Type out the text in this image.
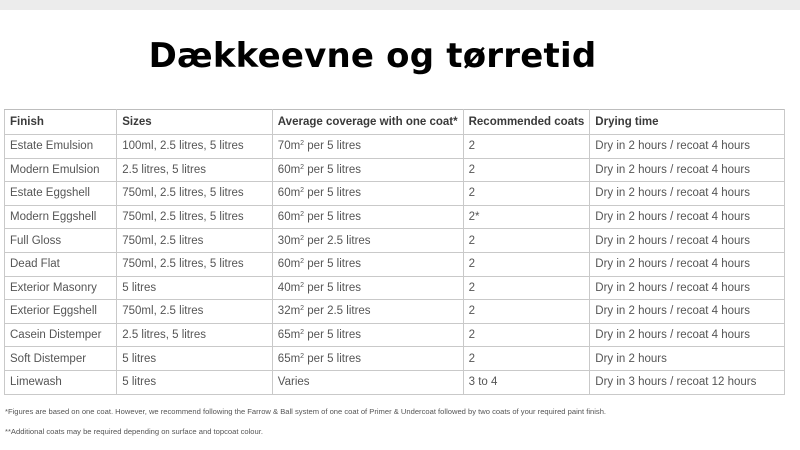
Dækkeevne og tørretid
Finish	Sizes	Average coverage with one coat*	Recommended coats	Drying time
Estate Emulsion	100ml, 2.5 litres, 5 litres	$70m^2$ per 5 litres	2	Dry in 2 hours / recoat 4 hours
Modern Emulsion	2.5 litres, 5 litres	$60m^2$ per 5 litres	2	Dry in 2 hours / recoat 4 hours
Estate Eggshell	750ml, 2.5 litres, 5 litres	$60m^2$ per 5 litres	2	Dry in 2 hours / recoat 4 hours
Modern Eggshell	750ml, 2.5 litres, 5 litres	$60m^2$ per 5 litres	2*	Dry in 2 hours / recoat 4 hours
Full Gloss	750ml, 2.5 litres	$30m^2$ per 2.5 litres	2	Dry in 2 hours / recoat 4 hours
Dead Flat	750ml, 2.5 litres, 5 litres	$60m^2$ per 5 litres	2	Dry in 2 hours / recoat 4 hours
Exterior Masonry	5 litres	$40m^2$ per 5 litres	2	Dry in 2 hours / recoat 4 hours
Exterior Eggshell	750ml, 2.5 litres	$32m^2$ per 2.5 litres	2	Dry in 2 hours / recoat 4 hours
Casein Distemper	2.5 litres, 5 litres	$65m^2$ per 5 litres	2	Dry in 2 hours / recoat 4 hours
Soft Distemper	5 litres	$65m^2$ per 5 litres	2	Dry in 2 hours
Limewash	5 litres	Varies	3 to 4	Dry in 3 hours / recoat 12 hours

*Figures are based on one coat. However, we recommend following the Farrow & Ball system of one coat of Primer & Undercoat followed by two coats of your required paint finish.

**Additional coats may be required depending on surface and topcoat colour.
